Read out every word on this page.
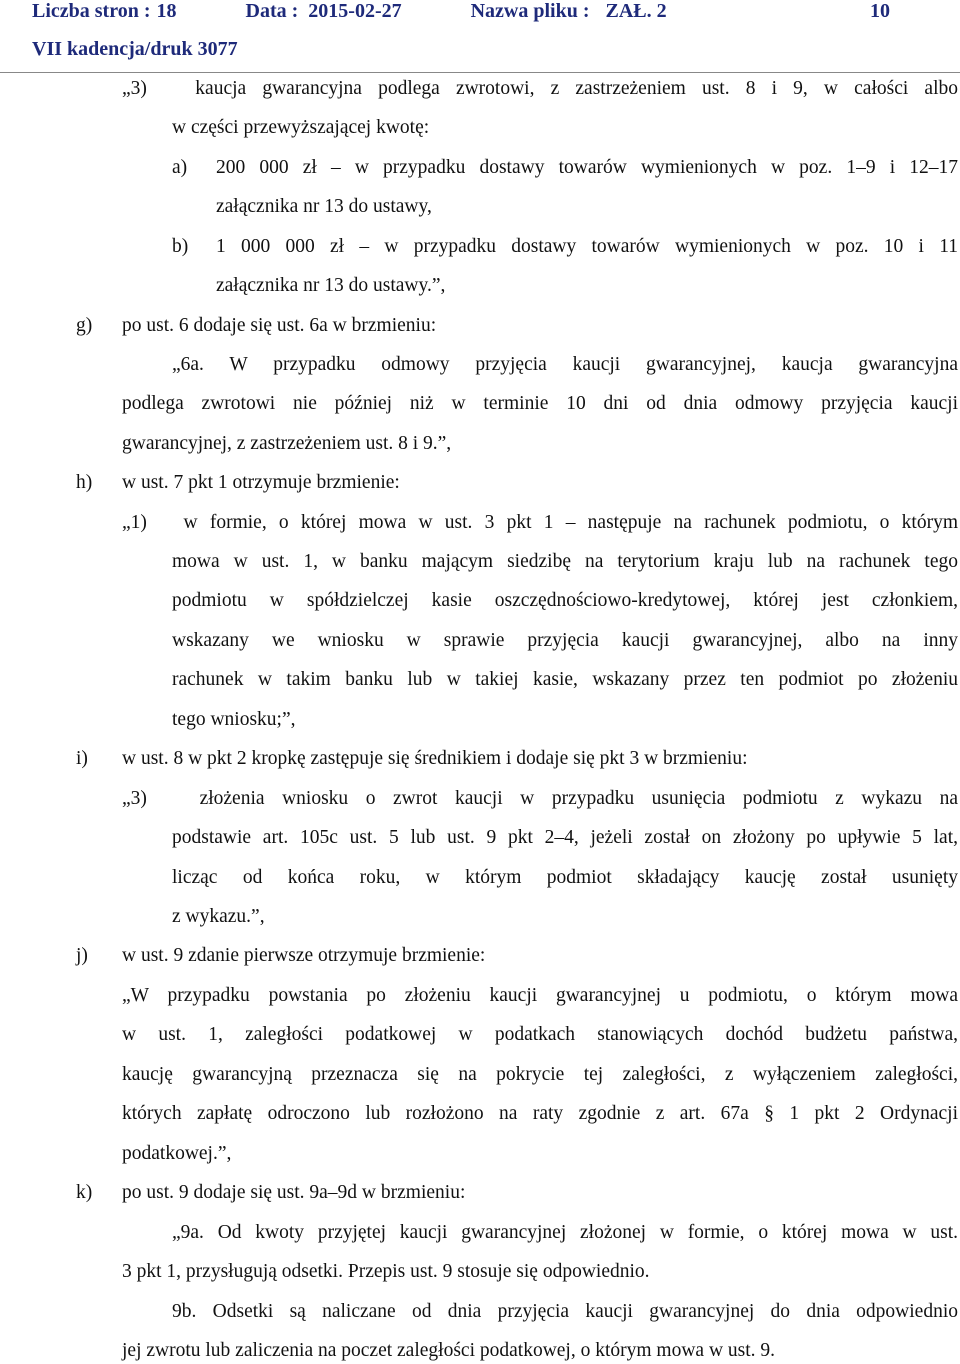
Liczba stron : 18	Data : 2015-02-27	Nazwa pliku : ZAŁ. 2	10
VII kadencja/druk 3077
„3)   kaucja gwarancyjna podlega zwrotowi, z zastrzeżeniem ust. 8 i 9, w całości albo
w części przewyższającej kwotę:
a) 200 000 zł – w przypadku dostawy towarów wymienionych w poz. 1–9 i 12–17
załącznika nr 13 do ustawy,
b) 1 000 000 zł – w przypadku dostawy towarów wymienionych w poz. 10 i 11
załącznika nr 13 do ustawy.”,
g) po ust. 6 dodaje się ust. 6a w brzmieniu:
„6a. W przypadku odmowy przyjęcia kaucji gwarancyjnej, kaucja gwarancyjna
podlega zwrotowi nie później niż w terminie 10 dni od dnia odmowy przyjęcia kaucji
gwarancyjnej, z zastrzeżeniem ust. 8 i 9.”,
h) w ust. 7 pkt 1 otrzymuje brzmienie:
„1)   w formie, o której mowa w ust. 3 pkt 1 – następuje na rachunek podmiotu, o którym
mowa w ust. 1, w banku mającym siedzibę na terytorium kraju lub na rachunek tego
podmiotu w spółdzielczej kasie oszczędnościowo-kredytowej, której jest członkiem,
wskazany we wniosku w sprawie przyjęcia kaucji gwarancyjnej, albo na inny
rachunek w takim banku lub w takiej kasie, wskazany przez ten podmiot po złożeniu
tego wniosku;”,
i) w ust. 8 w pkt 2 kropkę zastępuje się średnikiem i dodaje się pkt 3 w brzmieniu:
„3)   złożenia wniosku o zwrot kaucji w przypadku usunięcia podmiotu z wykazu na
podstawie art. 105c ust. 5 lub ust. 9 pkt 2–4, jeżeli został on złożony po upływie 5 lat,
licząc od końca roku, w którym podmiot składający kaucję został usunięty
z wykazu.”,
j) w ust. 9 zdanie pierwsze otrzymuje brzmienie:
„W przypadku powstania po złożeniu kaucji gwarancyjnej u podmiotu, o którym mowa
w ust. 1, zaległości podatkowej w podatkach stanowiących dochód budżetu państwa,
kaucję gwarancyjną przeznacza się na pokrycie tej zaległości, z wyłączeniem zaległości,
których zapłatę odroczono lub rozłożono na raty zgodnie z art. 67a § 1 pkt 2 Ordynacji
podatkowej.”,
k) po ust. 9 dodaje się ust. 9a–9d w brzmieniu:
„9a. Od kwoty przyjętej kaucji gwarancyjnej złożonej w formie, o której mowa w ust.
3 pkt 1, przysługują odsetki. Przepis ust. 9 stosuje się odpowiednio.
9b. Odsetki są naliczane od dnia przyjęcia kaucji gwarancyjnej do dnia odpowiednio
jej zwrotu lub zaliczenia na poczet zaległości podatkowej, o którym mowa w ust. 9.
